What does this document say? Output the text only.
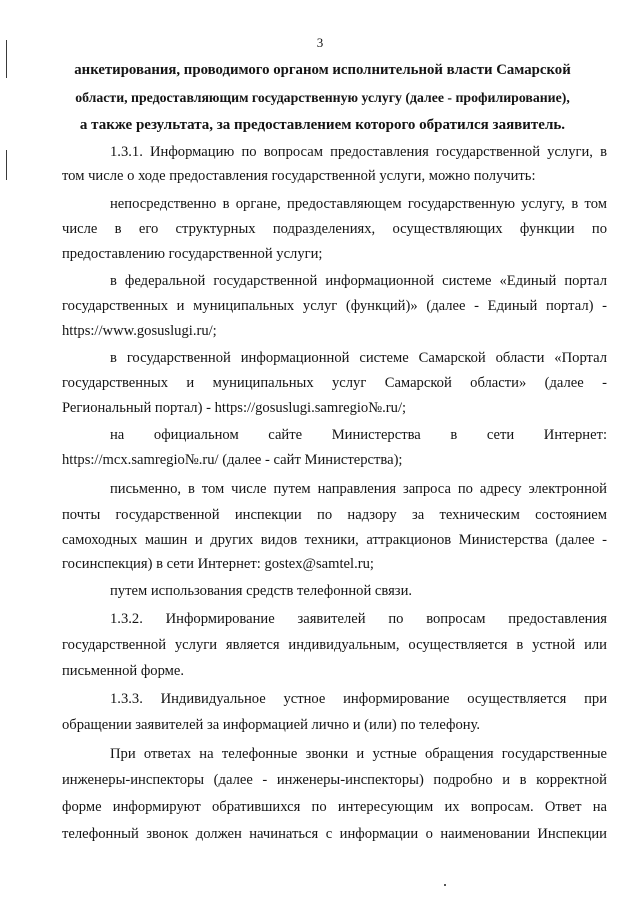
3
анкетирования, проводимого органом исполнительной власти Самарской
области, предоставляющим государственную услугу (далее - профилирование),
а также результата, за предоставлением которого обратился заявитель.
1.3.1. Информацию по вопросам предоставления государственной услуги, в
том числе о ходе предоставления государственной услуги, можно получить:
непосредственно в органе, предоставляющем государственную услугу, в том
числе в его структурных подразделениях, осуществляющих функции по
предоставлению государственной услуги;
в федеральной государственной информационной системе «Единый портал
государственных и муниципальных услуг (функций)» (далее - Единый портал) -
https://www.gosuslugi.ru/;
в государственной информационной системе Самарской области «Портал
государственных и муниципальных услуг Самарской области» (далее -
Региональный портал) - https://gosuslugi.samregio№.ru/;
на официальном сайте Министерства в сети Интернет:
https://mcx.samregio№.ru/ (далее - сайт Министерства);
письменно, в том числе путем направления запроса по адресу электронной
почты государственной инспекции по надзору за техническим состоянием
самоходных машин и других видов техники, аттракционов Министерства (далее -
госинспекция) в сети Интернет: gostex@samtel.ru;
путем использования средств телефонной связи.
1.3.2. Информирование заявителей по вопросам предоставления
государственной услуги является индивидуальным, осуществляется в устной или
письменной форме.
1.3.3. Индивидуальное устное информирование осуществляется при
обращении заявителей за информацией лично и (или) по телефону.
При ответах на телефонные звонки и устные обращения государственные
инженеры-инспекторы (далее - инженеры-инспекторы) подробно и в корректной
форме информируют обратившихся по интересующим их вопросам. Ответ на
телефонный звонок должен начинаться с информации о наименовании Инспекции
